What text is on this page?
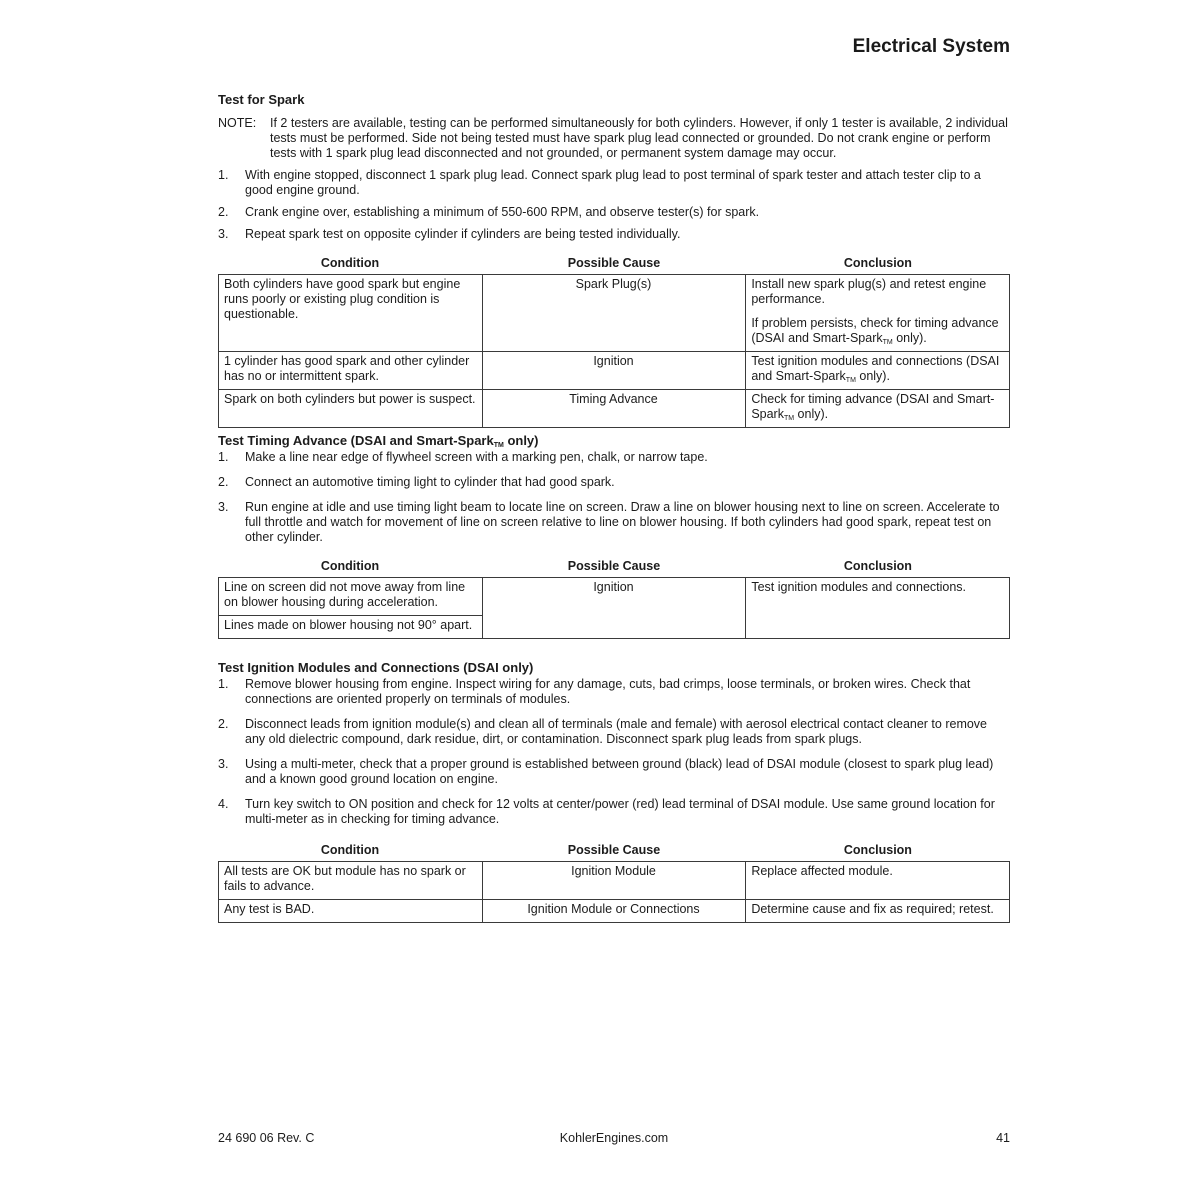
Electrical System
Test for Spark
NOTE:	If 2 testers are available, testing can be performed simultaneously for both cylinders. However, if only 1 tester is available, 2 individual tests must be performed. Side not being tested must have spark plug lead connected or grounded. Do not crank engine or perform tests with 1 spark plug lead disconnected and not grounded, or permanent system damage may occur.
1.	With engine stopped, disconnect 1 spark plug lead. Connect spark plug lead to post terminal of spark tester and attach tester clip to a good engine ground.
2.	Crank engine over, establishing a minimum of 550-600 RPM, and observe tester(s) for spark.
3.	Repeat spark test on opposite cylinder if cylinders are being tested individually.
Condition	Possible Cause	Conclusion
Both cylinders have good spark but engine runs poorly or existing plug condition is questionable.	Spark Plug(s)	Install new spark plug(s) and retest engine performance.

If problem persists, check for timing advance (DSAI and Smart-Spark$_{TM}$ only).

1 cylinder has good spark and other cylinder has no or intermittent spark.	Ignition	Test ignition modules and connections (DSAI and Smart-Spark$_{TM}$ only).
Spark on both cylinders but power is suspect.	Timing Advance	Check for timing advance (DSAI and Smart-Spark$_{TM}$ only).
Test Timing Advance (DSAI and Smart-Spark$_{TM}$ only)
1.	Make a line near edge of flywheel screen with a marking pen, chalk, or narrow tape.
2.	Connect an automotive timing light to cylinder that had good spark.
3.	Run engine at idle and use timing light beam to locate line on screen. Draw a line on blower housing next to line on screen. Accelerate to full throttle and watch for movement of line on screen relative to line on blower housing. If both cylinders had good spark, repeat test on other cylinder.
Condition	Possible Cause	Conclusion
Line on screen did not move away from line on blower housing during acceleration.	Ignition	Test ignition modules and connections.
Lines made on blower housing not 90° apart.
Test Ignition Modules and Connections (DSAI only)
1.	Remove blower housing from engine. Inspect wiring for any damage, cuts, bad crimps, loose terminals, or broken wires. Check that connections are oriented properly on terminals of modules.
2.	Disconnect leads from ignition module(s) and clean all of terminals (male and female) with aerosol electrical contact cleaner to remove any old dielectric compound, dark residue, dirt, or contamination. Disconnect spark plug leads from spark plugs.
3.	Using a multi-meter, check that a proper ground is established between ground (black) lead of DSAI module (closest to spark plug lead) and a known good ground location on engine.
4.	Turn key switch to ON position and check for 12 volts at center/power (red) lead terminal of DSAI module. Use same ground location for multi-meter as in checking for timing advance.
Condition	Possible Cause	Conclusion
All tests are OK but module has no spark or fails to advance.	Ignition Module	Replace affected module.
Any test is BAD.	Ignition Module or Connections	Determine cause and fix as required; retest.
24 690 06 Rev. C	KohlerEngines.com	41
